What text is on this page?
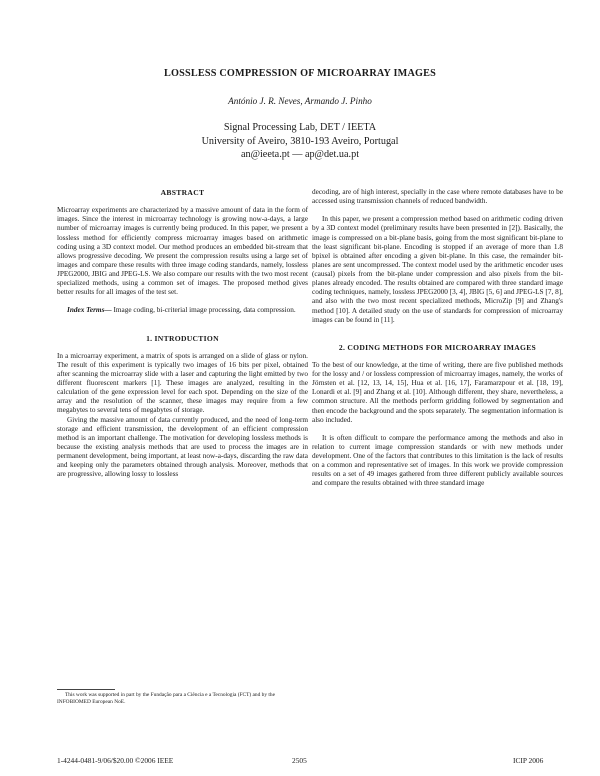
LOSSLESS COMPRESSION OF MICROARRAY IMAGES
António J. R. Neves, Armando J. Pinho
Signal Processing Lab, DET / IEETA
University of Aveiro, 3810-193 Aveiro, Portugal
an@ieeta.pt — ap@det.ua.pt
ABSTRACT

Microarray experiments are characterized by a massive amount of data in the form of images. Since the interest in microarray technology is growing now-a-days, a large number of microarray images is currently being produced. In this paper, we present a lossless method for efficiently compress microarray images based on arithmetic coding using a 3D context model. Our method produces an embedded bit-stream that allows progressive decoding. We present the compression results using a large set of images and compare these results with three image coding standards, namely, lossless JPEG2000, JBIG and JPEG-LS. We also compare our results with the two most recent specialized methods, using a common set of images. The proposed method gives better results for all images of the test set.

Index Terms— Image coding, bi-criterial image processing, data compression.

1. INTRODUCTION

In a microarray experiment, a matrix of spots is arranged on a slide of glass or nylon. The result of this experiment is typically two images of 16 bits per pixel, obtained after scanning the microarray slide with a laser and capturing the light emitted by two different fluorescent markers [1]. These images are analyzed, resulting in the calculation of the gene expression level for each spot. Depending on the size of the array and the resolution of the scanner, these images may require from a few megabytes to several tens of megabytes of storage.

Giving the massive amount of data currently produced, and the need of long-term storage and efficient transmission, the development of an efficient compression method is an important challenge. The motivation for developing lossless methods is because the existing analysis methods that are used to process the images are in permanent development, being important, at least now-a-days, discarding the raw data and keeping only the parameters obtained through analysis. Moreover, methods that are progressive, allowing lossy to lossless

decoding, are of high interest, specially in the case where remote databases have to be accessed using transmission channels of reduced bandwidth.

In this paper, we present a compression method based on arithmetic coding driven by a 3D context model (preliminary results have been presented in [2]). Basically, the image is compressed on a bit-plane basis, going from the most significant bit-plane to the least significant bit-plane. Encoding is stopped if an average of more than 1.8 bpixel is obtained after encoding a given bit-plane. In this case, the remainder bit-planes are sent uncompressed. The context model used by the arithmetic encoder uses (causal) pixels from the bit-plane under compression and also pixels from the bit-planes already encoded. The results obtained are compared with three standard image coding techniques, namely, lossless JPEG2000 [3, 4], JBIG [5, 6] and JPEG-LS [7, 8], and also with the two most recent specialized methods, MicroZip [9] and Zhang's method [10]. A detailed study on the use of standards for compression of microarray images can be found in [11].

2. CODING METHODS FOR MICROARRAY IMAGES

To the best of our knowledge, at the time of writing, there are five published methods for the lossy and / or lossless compression of microarray images, namely, the works of Jörnsten et al. [12, 13, 14, 15], Hua et al. [16, 17], Faramarzpour et al. [18, 19], Lonardi et al. [9] and Zhang et al. [10]. Although different, they share, nevertheless, a common structure. All the methods perform gridding followed by segmentation and then encode the background and the spots separately. The segmentation information is also included.

It is often difficult to compare the performance among the methods and also in relation to current image compression standards or with new methods under development. One of the factors that contributes to this limitation is the lack of results on a common and representative set of images. In this work we provide compression results on a set of 49 images gathered from three different publicly available sources and compare the results obtained with three standard image

This work was supported in part by the Fundação para a Ciência e a Tecnologia (FCT) and by the INFOBIOMED European NoE.
1-4244-0481-9/06/$20.00 ©2006 IEEE	2505	ICIP 2006
